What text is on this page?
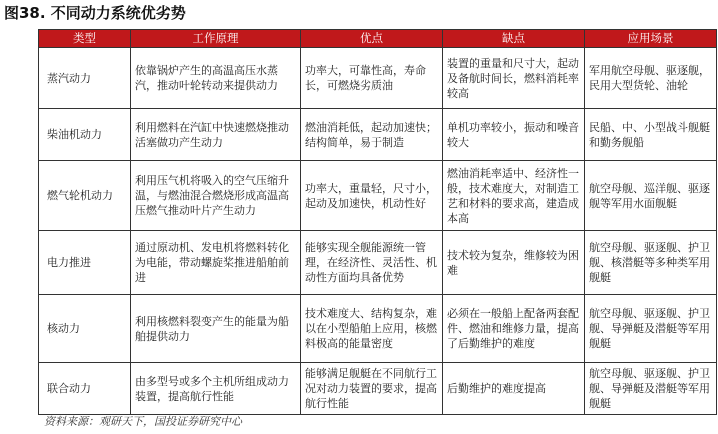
图38. 不同动力系统优劣势
类型	工作原理	优点	缺点	应用场景
蒸汽动力	依靠锅炉产生的高温高压水蒸汽，推动叶轮转动来提供动力	功率大，可靠性高，寿命长，可燃烧劣质油	装置的重量和尺寸大，起动及备航时间长，燃料消耗率较高	军用航空母舰、驱逐舰，民用大型货轮、油轮
柴油机动力	利用燃料在汽缸中快速燃烧推动活塞做功产生动力	燃油消耗低，起动加速快；结构简单，易于制造	单机功率较小，振动和噪音较大	民船、中、小型战斗舰艇和勤务舰船
燃气轮机动力	利用压气机将吸入的空气压缩升温，与燃油混合燃烧形成高温高压燃气推动叶片产生动力	功率大，重量轻，尺寸小，起动及加速快，机动性好	燃油消耗率适中、经济性一般，技术难度大，对制造工艺和材料的要求高，建造成本高	航空母舰、巡洋舰、驱逐舰等军用水面舰艇
电力推进	通过原动机、发电机将燃料转化为电能，带动螺旋桨推进船舶前进	能够实现全舰能源统一管理，在经济性、灵活性、机动性方面均具备优势	技术较为复杂，维修较为困难	航空母舰、驱逐舰、护卫舰、核潜艇等多种类军用舰艇
核动力	利用核燃料裂变产生的能量为船舶提供动力	技术难度大、结构复杂，难以在小型船舶上应用，核燃料极高的能量密度	必须在一般船上配备两套配件、燃油和维修力量，提高了后勤维护的难度	航空母舰、驱逐舰、护卫舰、导弹艇及潜艇等军用舰艇
联合动力	由多型号或多个主机所组成动力装置，提高航行性能	能够满足舰艇在不同航行工况对动力装置的要求，提高航行性能	后勤维护的难度提高	航空母舰、驱逐舰、护卫舰、导弹艇及潜艇等军用舰艇
资料来源：观研天下，国投证券研究中心
